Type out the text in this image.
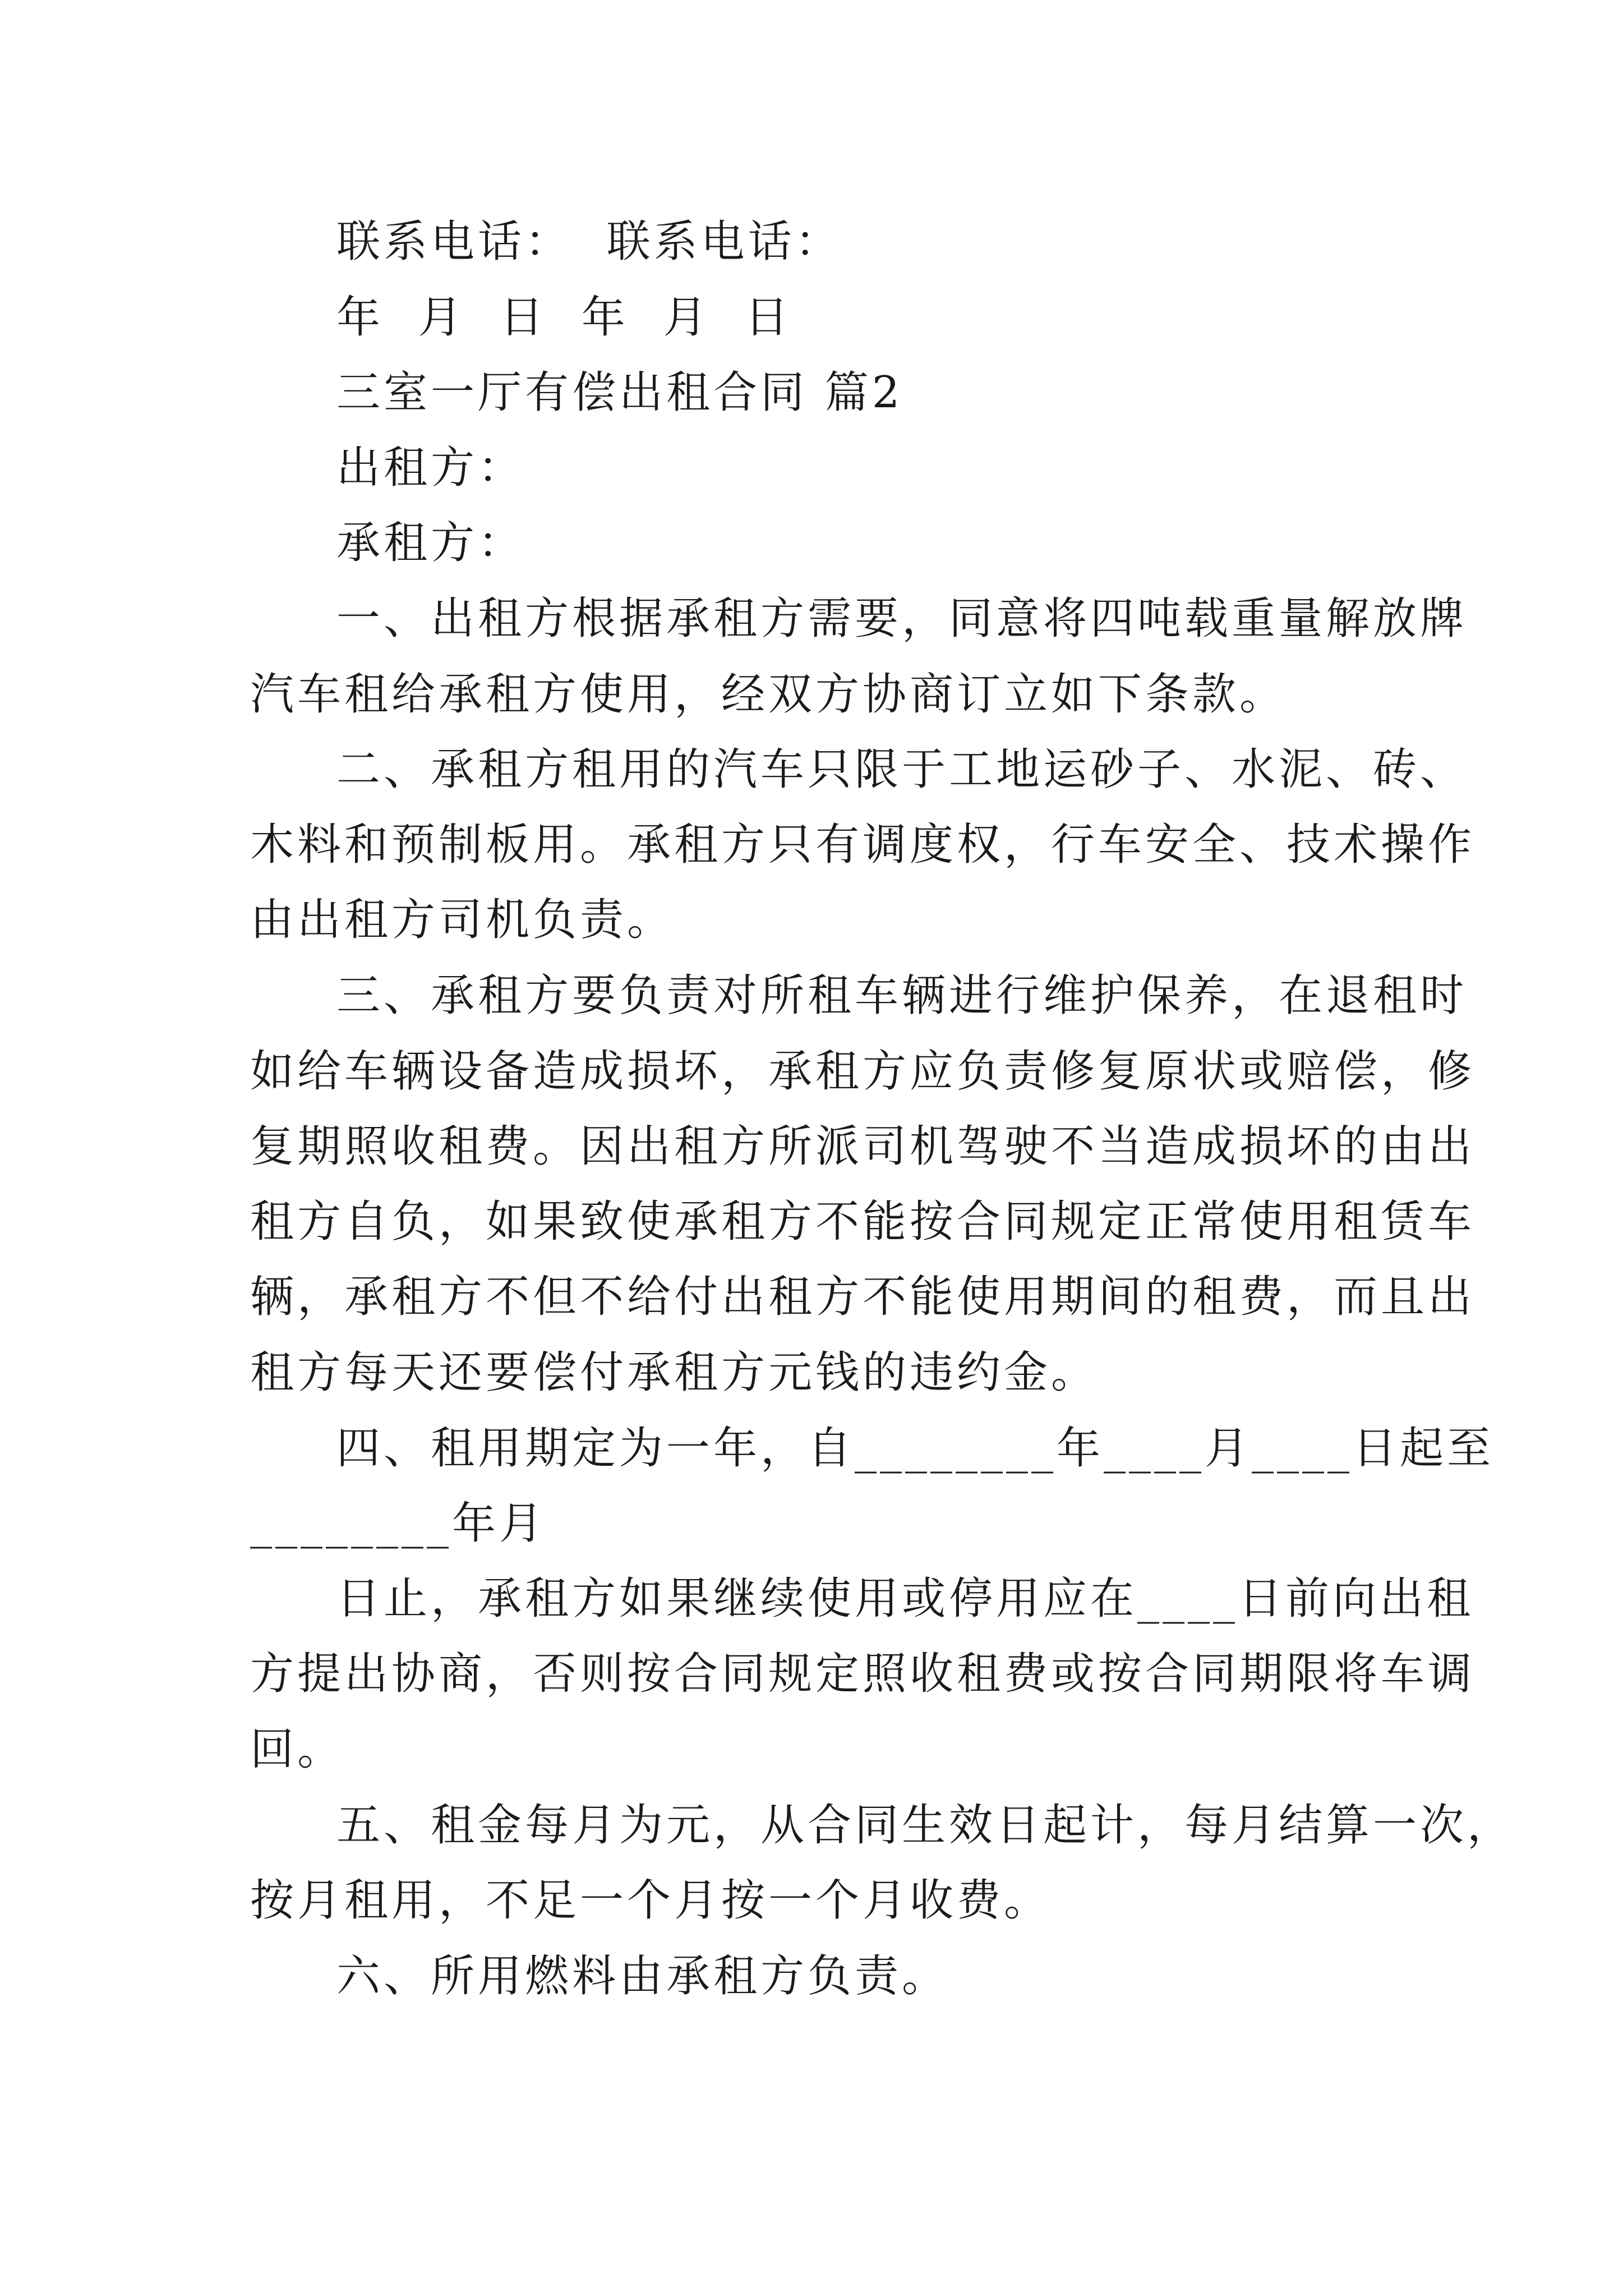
联系电话：  联系电话：
年  月  日  年  月  日
三室一厅有偿出租合同 篇2
出租方：
承租方：
一、出租方根据承租方需要，同意将四吨载重量解放牌
汽车租给承租方使用，经双方协商订立如下条款。
二、承租方租用的汽车只限于工地运砂子、水泥、砖、
木料和预制板用。承租方只有调度权，行车安全、技术操作
由出租方司机负责。
三、承租方要负责对所租车辆进行维护保养，在退租时
如给车辆设备造成损坏，承租方应负责修复原状或赔偿，修
复期照收租费。因出租方所派司机驾驶不当造成损坏的由出
租方自负，如果致使承租方不能按合同规定正常使用租赁车
辆，承租方不但不给付出租方不能使用期间的租费，而且出
租方每天还要偿付承租方元钱的违约金。
四、租用期定为一年，自________年____月____日起至
________年月
日止，承租方如果继续使用或停用应在____日前向出租
方提出协商，否则按合同规定照收租费或按合同期限将车调
回。
五、租金每月为元，从合同生效日起计，每月结算一次，
按月租用，不足一个月按一个月收费。
六、所用燃料由承租方负责。
